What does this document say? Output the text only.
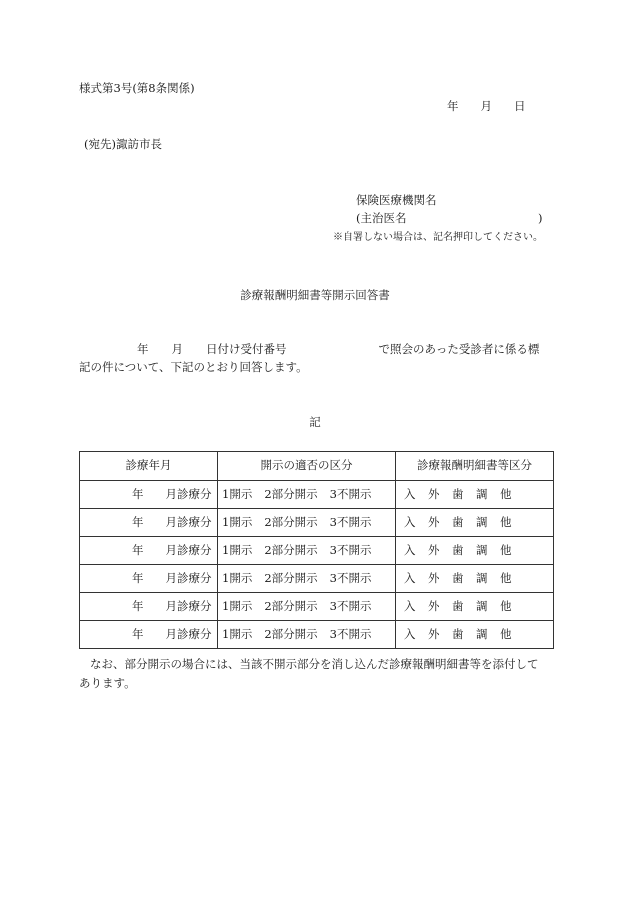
様式第3号(第8条関係)
年 月 日
(宛先)諏訪市長
保険医療機関名
(主治医名	)
※自署しない場合は、記名押印してください。
診療報酬明細書等開示回答書
年 月 日付け受付番号	で照会のあった受診者に係る標
記の件について、下記のとおり回答します。
記
診療年月	開示の適否の区分	診療報酬明細書等区分
年 月診療分	1開示 2部分開示 3不開示	入 外 歯 調 他
年 月診療分	1開示 2部分開示 3不開示	入 外 歯 調 他
年 月診療分	1開示 2部分開示 3不開示	入 外 歯 調 他
年 月診療分	1開示 2部分開示 3不開示	入 外 歯 調 他
年 月診療分	1開示 2部分開示 3不開示	入 外 歯 調 他
年 月診療分	1開示 2部分開示 3不開示	入 外 歯 調 他
なお、部分開示の場合には、当該不開示部分を消し込んだ診療報酬明細書等を添付して
あります。
